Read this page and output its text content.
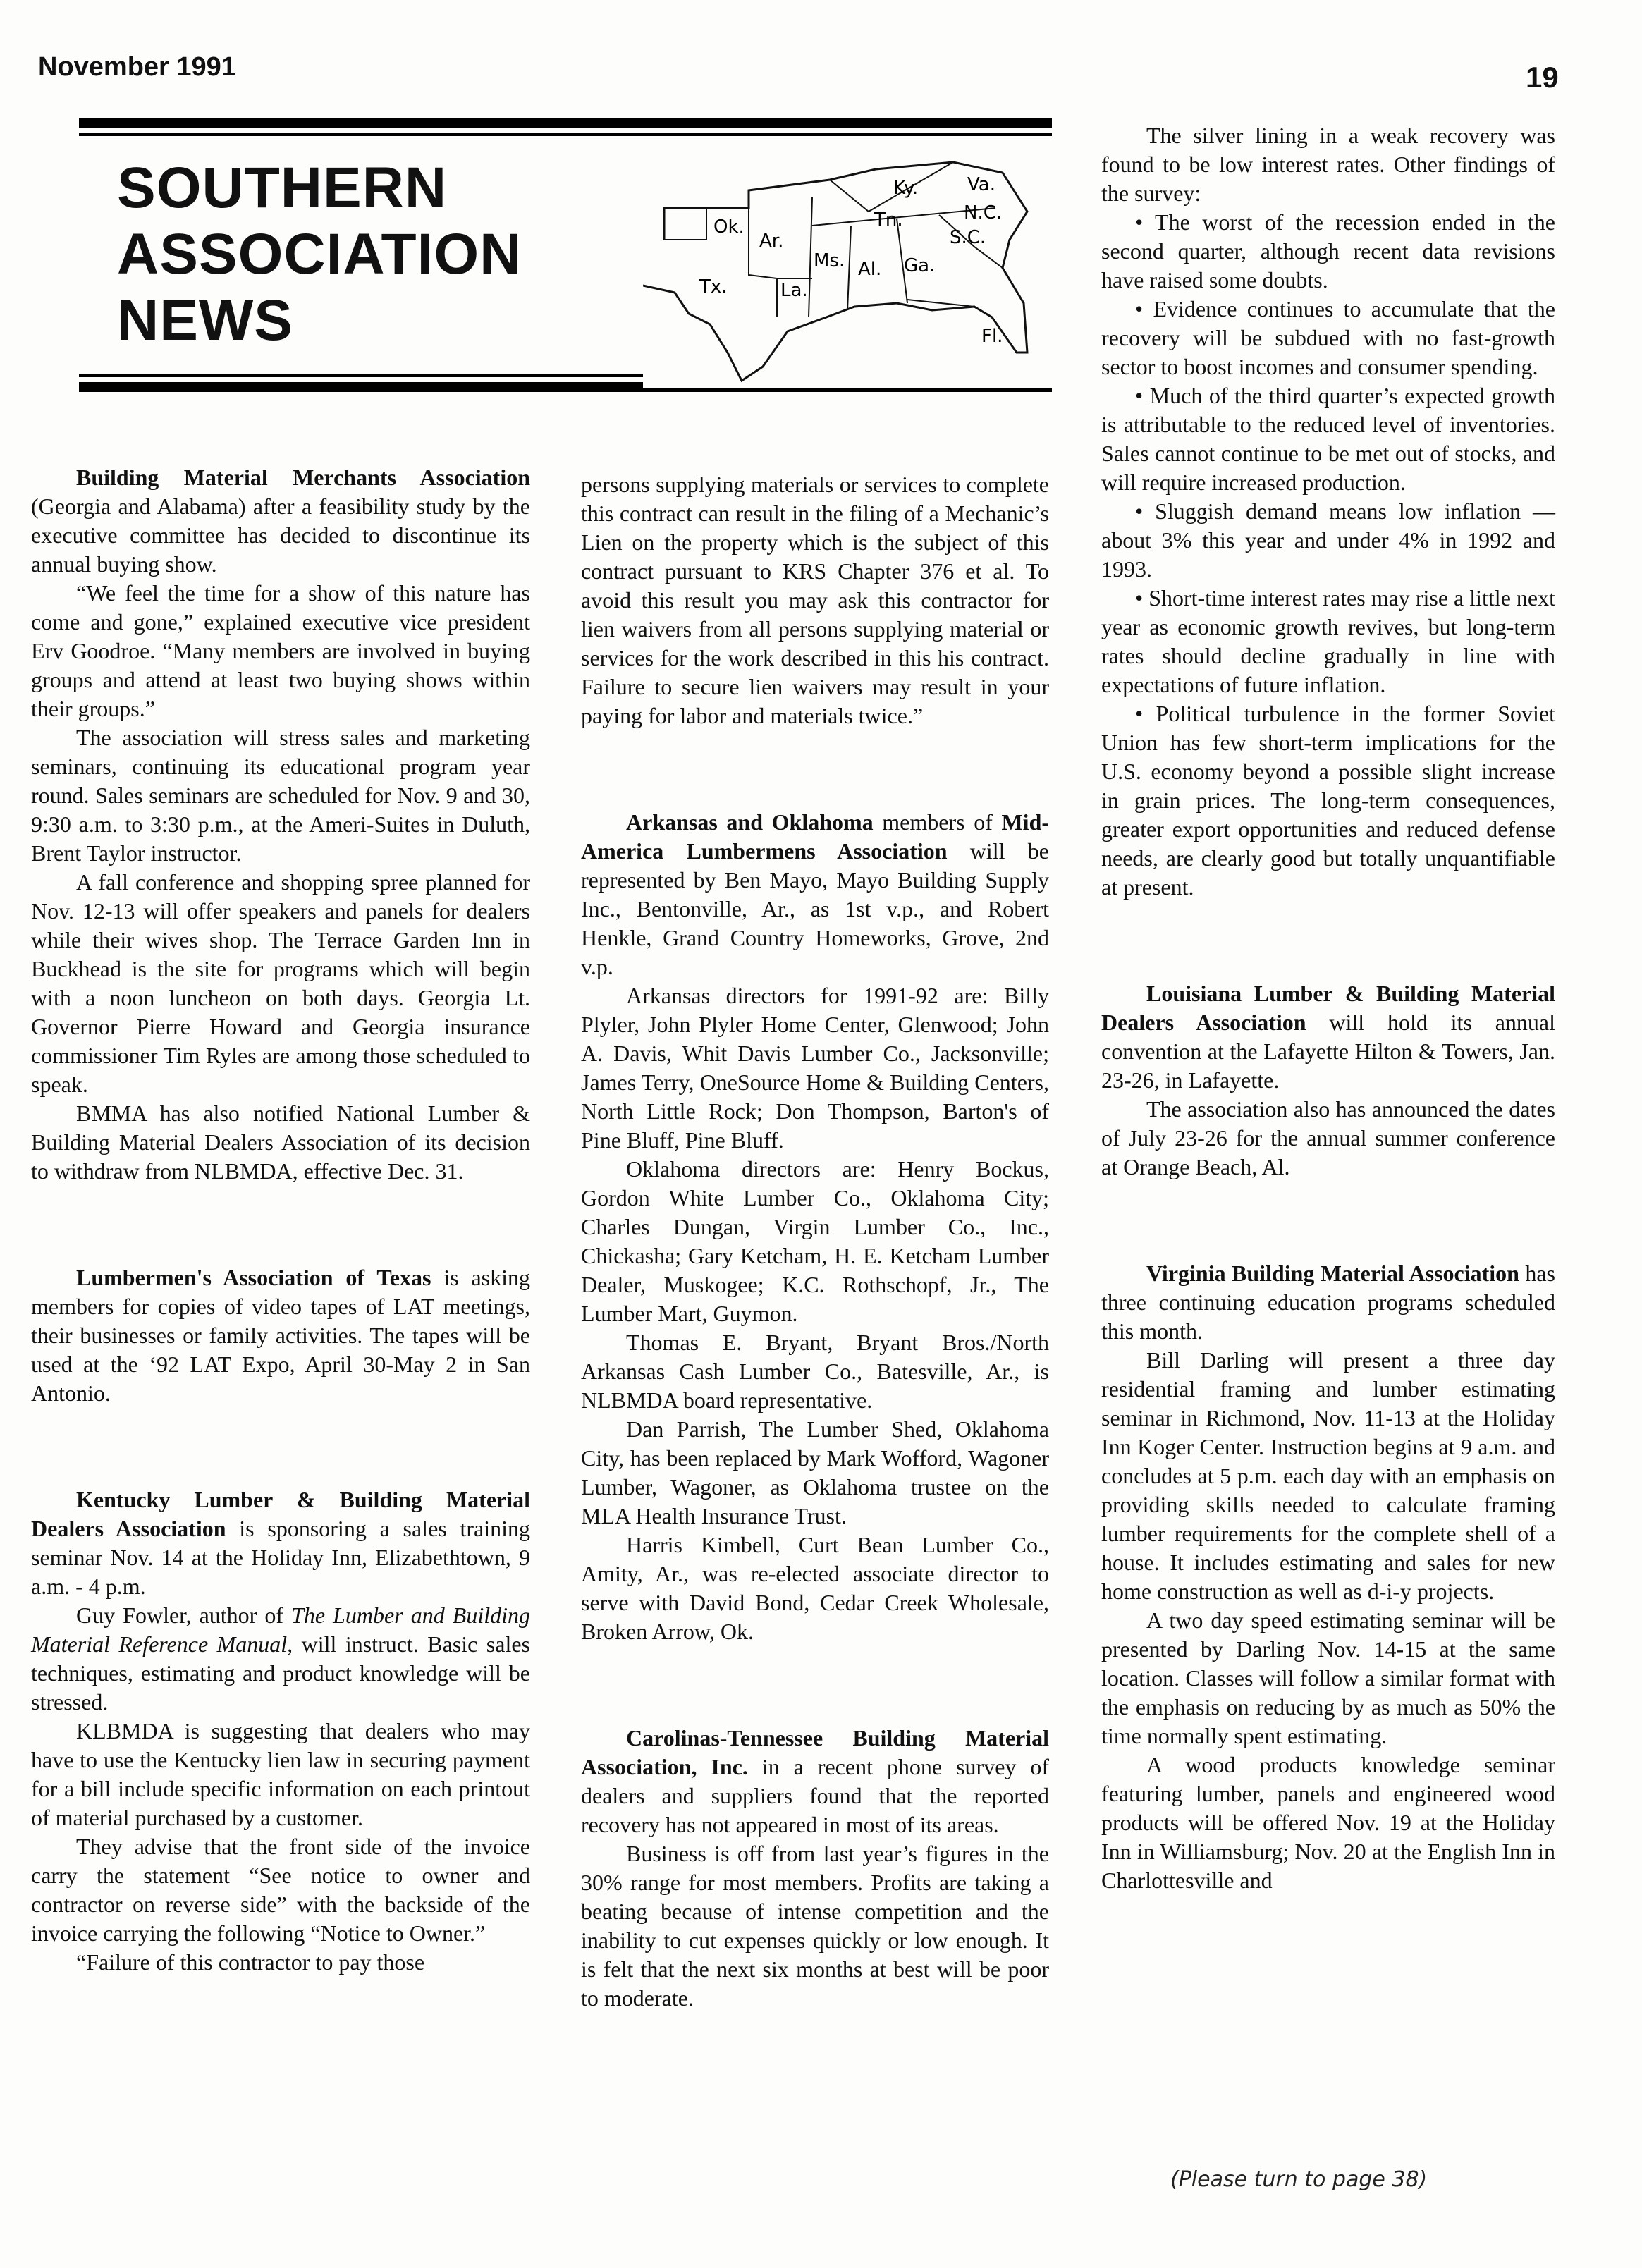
November 1991	19
SOUTHERN
ASSOCIATION
NEWS
Ok.
Ar.
Tx.	La.
Ms. Al. Ga.
Tn.
Ky.	Va.
N.C.
S.C.
Fl.

Building Material Merchants Association (Georgia and Alabama) after a feasibility study by the executive committee has decided to discontinue its annual buying show.

“We feel the time for a show of this nature has come and gone,” explained executive vice president Erv Goodroe. “Many members are involved in buying groups and attend at least two buying shows within their groups.”

The association will stress sales and marketing seminars, continuing its educational program year round. Sales seminars are scheduled for Nov. 9 and 30, 9:30 a.m. to 3:30 p.m., at the Ameri-Suites in Duluth, Brent Taylor instructor.

A fall conference and shopping spree planned for Nov. 12-13 will offer speakers and panels for dealers while their wives shop. The Terrace Garden Inn in Buckhead is the site for programs which will begin with a noon luncheon on both days. Georgia Lt. Governor Pierre Howard and Georgia insurance commissioner Tim Ryles are among those scheduled to speak.

BMMA has also notified National Lumber & Building Material Dealers Association of its decision to withdraw from NLBMDA, effective Dec. 31.

Lumbermen's Association of Texas is asking members for copies of video tapes of LAT meetings, their businesses or family activities. The tapes will be used at the ‘92 LAT Expo, April 30-May 2 in San Antonio.

Kentucky Lumber & Building Material Dealers Association is sponsoring a sales training seminar Nov. 14 at the Holiday Inn, Elizabethtown, 9 a.m. - 4 p.m.

Guy Fowler, author of The Lumber and Building Material Reference Manual, will instruct. Basic sales techniques, estimating and product knowledge will be stressed.

KLBMDA is suggesting that dealers who may have to use the Kentucky lien law in securing payment for a bill include specific information on each printout of material purchased by a customer.

They advise that the front side of the invoice carry the statement “See notice to owner and contractor on reverse side” with the backside of the invoice carrying the following “Notice to Owner.”

“Failure of this contractor to pay those

persons supplying materials or services to complete this contract can result in the filing of a Mechanic’s Lien on the property which is the subject of this contract pursuant to KRS Chapter 376 et al. To avoid this result you may ask this contractor for lien waivers from all persons supplying material or services for the work described in this his contract. Failure to secure lien waivers may result in your paying for labor and materials twice.”

Arkansas and Oklahoma members of Mid-America Lumbermens Association will be represented by Ben Mayo, Mayo Building Supply Inc., Bentonville, Ar., as 1st v.p., and Robert Henkle, Grand Country Homeworks, Grove, 2nd v.p.

Arkansas directors for 1991-92 are: Billy Plyler, John Plyler Home Center, Glenwood; John A. Davis, Whit Davis Lumber Co., Jacksonville; James Terry, OneSource Home & Building Centers, North Little Rock; Don Thompson, Barton's of Pine Bluff, Pine Bluff.

Oklahoma directors are: Henry Bockus, Gordon White Lumber Co., Oklahoma City; Charles Dungan, Virgin Lumber Co., Inc., Chickasha; Gary Ketcham, H. E. Ketcham Lumber Dealer, Muskogee; K.C. Rothschopf, Jr., The Lumber Mart, Guymon.

Thomas E. Bryant, Bryant Bros./North Arkansas Cash Lumber Co., Batesville, Ar., is NLBMDA board representative.

Dan Parrish, The Lumber Shed, Oklahoma City, has been replaced by Mark Wofford, Wagoner Lumber, Wagoner, as Oklahoma trustee on the MLA Health Insurance Trust.

Harris Kimbell, Curt Bean Lumber Co., Amity, Ar., was re-elected associate director to serve with David Bond, Cedar Creek Wholesale, Broken Arrow, Ok.

Carolinas-Tennessee Building Material Association, Inc. in a recent phone survey of dealers and suppliers found that the reported recovery has not appeared in most of its areas.

Business is off from last year’s figures in the 30% range for most members. Profits are taking a beating because of intense competition and the inability to cut expenses quickly or low enough. It is felt that the next six months at best will be poor to moderate.

The silver lining in a weak recovery was found to be low interest rates. Other findings of the survey:

• The worst of the recession ended in the second quarter, although recent data revisions have raised some doubts.

• Evidence continues to accumulate that the recovery will be subdued with no fast-growth sector to boost incomes and consumer spending.

• Much of the third quarter’s expected growth is attributable to the reduced level of inventories. Sales cannot continue to be met out of stocks, and will require increased production.

• Sluggish demand means low inflation — about 3% this year and under 4% in 1992 and 1993.

• Short-time interest rates may rise a little next year as economic growth revives, but long-term rates should decline gradually in line with expectations of future inflation.

• Political turbulence in the former Soviet Union has few short-term implications for the U.S. economy beyond a possible slight increase in grain prices. The long-term consequences, greater export opportunities and reduced defense needs, are clearly good but totally unquantifiable at present.

Louisiana Lumber & Building Material Dealers Association will hold its annual convention at the Lafayette Hilton & Towers, Jan. 23-26, in Lafayette.

The association also has announced the dates of July 23-26 for the annual summer conference at Orange Beach, Al.

Virginia Building Material Association has three continuing education programs scheduled this month.

Bill Darling will present a three day residential framing and lumber estimating seminar in Richmond, Nov. 11-13 at the Holiday Inn Koger Center. Instruction begins at 9 a.m. and concludes at 5 p.m. each day with an emphasis on providing skills needed to calculate framing lumber requirements for the complete shell of a house. It includes estimating and sales for new home construction as well as d-i-y projects.

A two day speed estimating seminar will be presented by Darling Nov. 14-15 at the same location. Classes will follow a similar format with the emphasis on reducing by as much as 50% the time normally spent estimating.

A wood products knowledge seminar featuring lumber, panels and engineered wood products will be offered Nov. 19 at the Holiday Inn in Williamsburg; Nov. 20 at the English Inn in Charlottesville and

(Please turn to page 38)
